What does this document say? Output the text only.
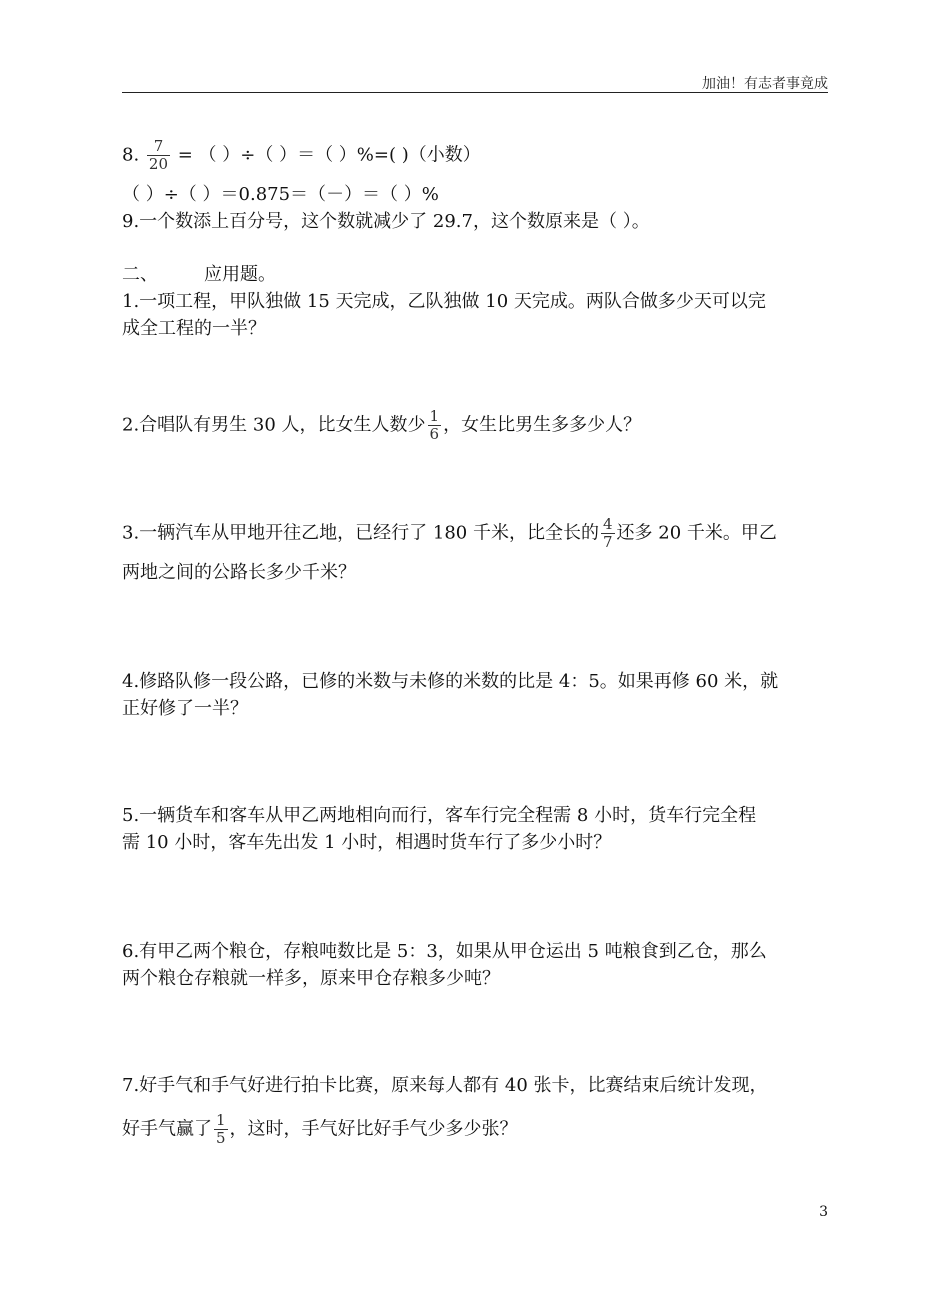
加油！有志者事竟成
8. $\frac{7}{20}$ = （ ）÷（ ）＝（ ）%=( )（小数）
（ ）÷（ ）＝0.875＝（－）＝（ ）%
9.一个数添上百分号，这个数就减少了 29.7，这个数原来是（ ）。
二、	应用题。
1.一项工程，甲队独做 15 天完成，乙队独做 10 天完成。两队合做多少天可以完
成全工程的一半？
2.合唱队有男生 30 人，比女生人数少 $\frac{1}{6}$ ，女生比男生多多少人？
3.一辆汽车从甲地开往乙地，已经行了 180 千米，比全长的 $\frac{4}{7}$ 还多 20 千米。甲乙
两地之间的公路长多少千米？
4.修路队修一段公路，已修的米数与未修的米数的比是 4：5。如果再修 60 米，就
正好修了一半？
5.一辆货车和客车从甲乙两地相向而行，客车行完全程需 8 小时，货车行完全程
需 10 小时，客车先出发 1 小时，相遇时货车行了多少小时？
6.有甲乙两个粮仓，存粮吨数比是 5：3，如果从甲仓运出 5 吨粮食到乙仓，那么
两个粮仓存粮就一样多，原来甲仓存粮多少吨？
7.好手气和手气好进行拍卡比赛，原来每人都有 40 张卡，比赛结束后统计发现，
好手气赢了 $\frac{1}{5}$ ，这时，手气好比好手气少多少张？
3
